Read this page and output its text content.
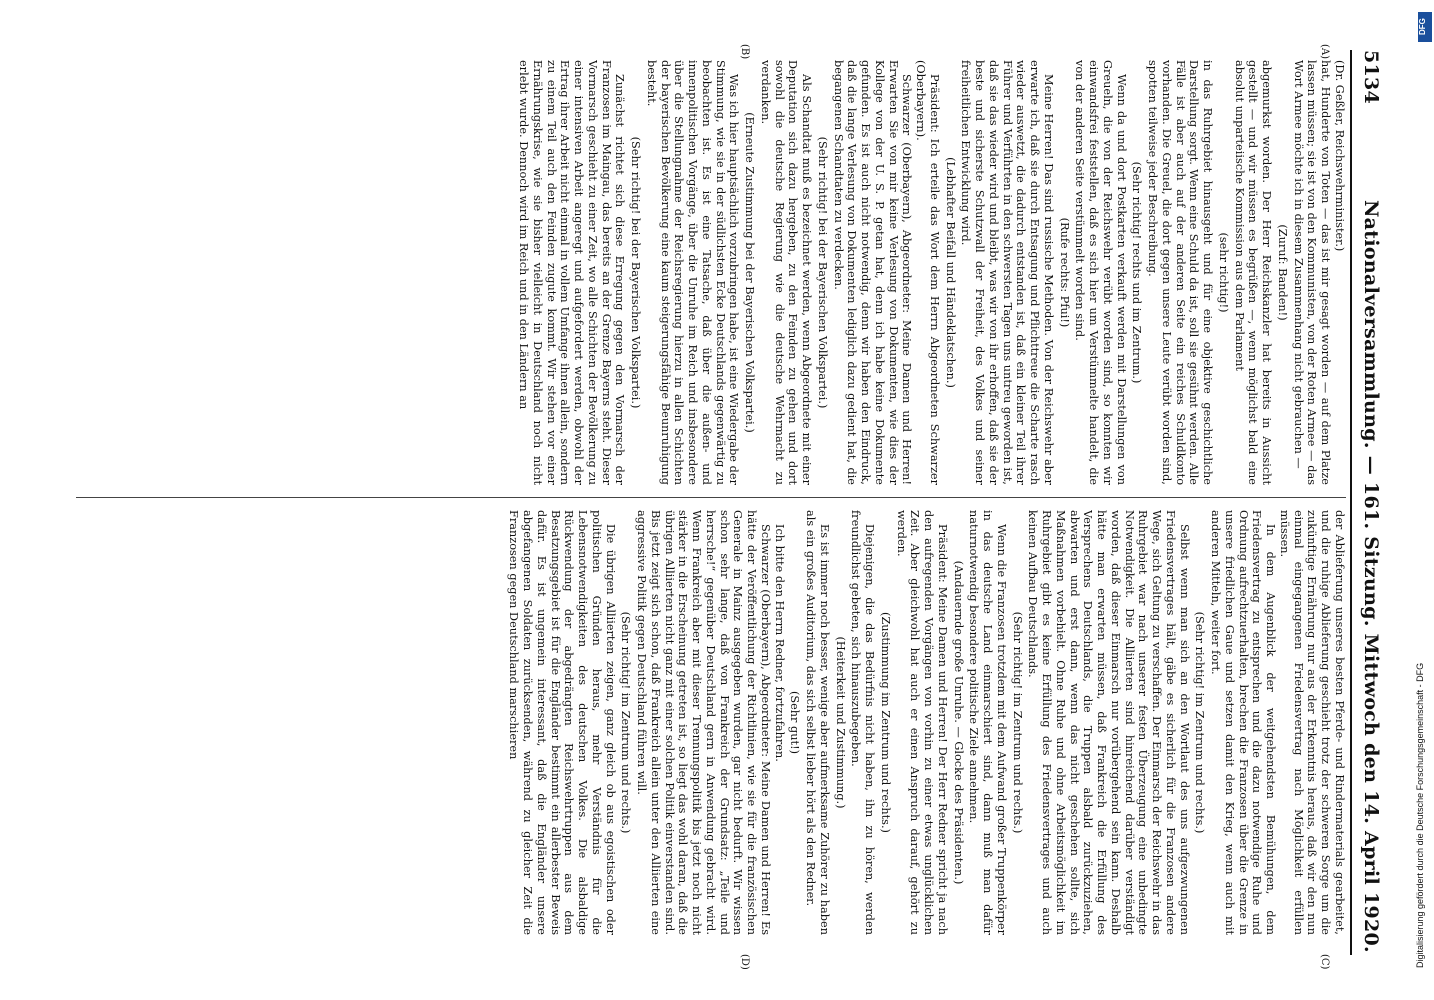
5134
Nationalversammlung. — 161. Sitzung. Mittwoch den 14. April 1920.
(A)
(B)
(C)
(D)

(Dr. Geßler, Reichswehrminister.)

hat, Hunderte von Toten — das ist mir gesagt worden — auf dem Platze lassen müssen; sie ist von den Kommunisten, von der Roten Armee — das Wort Armee möchte ich in diesem Zusammenhang nicht gebrauchen —

(Zuruf: Banden!)

abgemurkst worden. Der Herr Reichskanzler hat bereits in Aussicht gestellt — und wir müssen es begrüßen —, wenn möglichst bald eine absolut unparteiische Kommission aus dem Parlament

(sehr richtig!)

in das Ruhrgebiet hinausgeht und für eine objektive geschichtliche Darstellung sorgt. Wenn eine Schuld da ist, soll sie gesühnt werden. Alle Fälle ist aber auch auf der anderen Seite ein reiches Schuldkonto vorhanden. Die Greuel, die dort gegen unsere Leute verübt worden sind, spotten teilweise jeder Beschreibung.

(Sehr richtig! rechts und im Zentrum.)

Wenn da und dort Postkarten verkauft werden mit Darstellungen von Greueln, die von der Reichswehr verübt worden sind, so konnten wir einwandsfrei feststellen, daß es sich hier um Verstümmelte handelt, die von der anderen Seite verstümmelt worden sind.

(Rufe rechts: Pfui!)

Meine Herren! Das sind russische Methoden. Von der Reichswehr aber erwarte ich, daß sie durch Entsagung und Pflichttreue die Scharte rasch wieder auswetzt, die dadurch entstanden ist, daß ein kleiner Teil ihrer Führer und Verführten in den schwersten Tagen uns untreu geworden ist, daß sie das wieder wird und bleibt, was wir von ihr erhoffen, daß sie der beste und sicherste Schutzwall der Freiheit, des Volkes und seiner freiheitlichen Entwicklung wird.

(Lebhafter Beifall und Händeklatschen.)

Präsident: Ich erteile das Wort dem Herrn Abgeordneten Schwarzer (Oberbayern).

Schwarzer (Oberbayern), Abgeordneter: Meine Damen und Herren! Erwarten Sie von mir keine Verlesung von Dokumenten, wie dies der Kollege von der U. S. P. getan hat, denn ich habe keine Dokumente gefunden. Es ist auch nicht notwendig, denn wir haben den Eindruck, daß die lange Verlesung von Dokumenten lediglich dazu gedient hat, die begangenen Schandtaten zu verdecken.

(Sehr richtig! bei der Bayerischen Volkspartei.)

Als Schandtat muß es bezeichnet werden, wenn Abgeordnete mit einer Deputation sich dazu hergeben, zu den Feinden zu gehen und dort sowohl die deutsche Regierung wie die deutsche Wehrmacht zu verdanken.

(Erneute Zustimmung bei der Bayerischen Volkspartei.)

Was ich hier hauptsächlich vorzubringen habe, ist eine Wiedergabe der Stimmung, wie sie in der südlichsten Ecke Deutschlands gegenwärtig zu beobachten ist. Es ist eine Tatsache, daß über die außen- und innenpolitischen Vorgänge, über die Unruhe im Reich und insbesondere über die Stellungnahme der Reichsregierung hierzu in allen Schichten der bayerischen Bevölkerung eine kaum steigerungsfähige Beunruhigung besteht.

(Sehr richtig! bei der Bayerischen Volkspartei.)

Zunächst richtet sich diese Erregung gegen den Vormarsch der Franzosen im Maingau, das bereits an der Grenze Bayerns steht. Dieser Vormarsch geschieht zu einer Zeit, wo alle Schichten der Bevölkerung zu einer intensiven Arbeit angeregt und aufgefordert werden, obwohl der Ertrag ihrer Arbeit nicht einmal in vollem Umfange ihnen allein, sondern zu einem Teil auch den Feinden zugute kommt. Wir stehen vor einer Ernährungskrise, wie sie bisher vielleicht in Deutschland noch nicht erlebt wurde. Dennoch wird im Reich und in den Ländern an

der Ablieferung unseres besten Pferde- und Rindermaterials gearbeitet, und die ruhige Ablieferung geschieht trotz der schweren Sorge um die zukünftige Ernährung nur aus der Erkenntnis heraus, daß wir den nun einmal eingegangenen Friedensvertrag nach Möglichkeit erfüllen müssen.

In dem Augenblick der weitgehendsten Bemühungen, dem Friedensvertrag zu entsprechen und die dazu notwendige Ruhe und Ordnung aufrechtzuerhalten, brechen die Franzosen über die Grenze in unsere friedlichen Gaue und setzen damit den Krieg, wenn auch mit anderen Mitteln, weiter fort.

(Sehr richtig! im Zentrum und rechts.)

Selbst wenn man sich an den Wortlaut des uns aufgezwungenen Friedensvertrages hält, gäbe es sicherlich für die Franzosen andere Wege, sich Geltung zu verschaffen. Der Einmarsch der Reichswehr in das Ruhrgebiet war nach unserer festen Überzeugung eine unbedingte Notwendigkeit. Die Alliierten sind hinreichend darüber verständigt worden, daß dieser Einmarsch nur vorübergehend sein kann. Deshalb hätte man erwarten müssen, daß Frankreich die Erfüllung des Versprechens Deutschlands, die Truppen alsbald zurückzuziehen, abwarten und erst dann, wenn das nicht geschehen sollte, sich Maßnahmen vorbehielt. Ohne Ruhe und ohne Arbeitsmöglichkeit im Ruhrgebiet gibt es keine Erfüllung des Friedensvertrages und auch keinen Aufbau Deutschlands.

(Sehr richtig! im Zentrum und rechts.)

Wenn die Franzosen trotzdem mit dem Aufwand großer Truppenkörper in das deutsche Land einmarschiert sind, dann muß man dafür naturnotwendig besondere politische Ziele annehmen.

(Andauernde große Unruhe. — Glocke des Präsidenten.)

Präsident: Meine Damen und Herren! Der Herr Redner spricht ja nach den aufregenden Vorgängen von vorhin zu einer etwas unglücklichen Zeit. Aber gleichwohl hat auch er einen Anspruch darauf, gehört zu werden.

(Zustimmung im Zentrum und rechts.)

Diejenigen, die das Bedürfnis nicht haben, ihn zu hören, werden freundlichst gebeten, sich hinauszubegeben.

(Heiterkeit und Zustimmung.)

Es ist immer noch besser, wenige aber aufmerksame Zuhörer zu haben als ein großes Auditorium, das sich selbst lieber hört als den Redner.

(Sehr gut!)

Ich bitte den Herrn Redner, fortzufahren.

Schwarzer (Oberbayern), Abgeordneter: Meine Damen und Herren! Es hätte der Veröffentlichung der Richtlinien, wie sie für die französischen Generale in Mainz ausgegeben wurden, gar nicht bedurft. Wir wissen schon sehr lange, daß von Frankreich der Grundsatz: „Teile und herrsche!“ gegenüber Deutschland gern in Anwendung gebracht wird. Wenn Frankreich aber mit dieser Trennungspolitik bis jetzt noch nicht stärker in die Erscheinung getreten ist, so liegt das wohl daran, daß die übrigen Alliierten nicht ganz mit einer solchen Politik einverstanden sind. Bis jetzt zeigt sich schon, daß Frankreich allein unter den Alliierten eine aggressive Politik gegen Deutschland führen will.

(Sehr richtig! im Zentrum und rechts.)

Die übrigen Alliierten zeigen, ganz gleich ob aus egoistischen oder politischen Gründen heraus, mehr Verständnis für die Lebensnotwendigkeiten des deutschen Volkes. Die alsbaldige Rückwendung der abgedrängten Reichswehrtruppen aus dem Besatzungsgebiet ist für die Engländer bestimmt ein allerbester Beweis dafür. Es ist ungemein interessant, daß die Engländer unsere abgefangenen Soldaten zurücksenden, während zu gleicher Zeit die Franzosen gegen Deutschland marschieren

Digitalisierung gefördert durch die Deutsche Forschungsgemeinschaft - DFG
DFG
